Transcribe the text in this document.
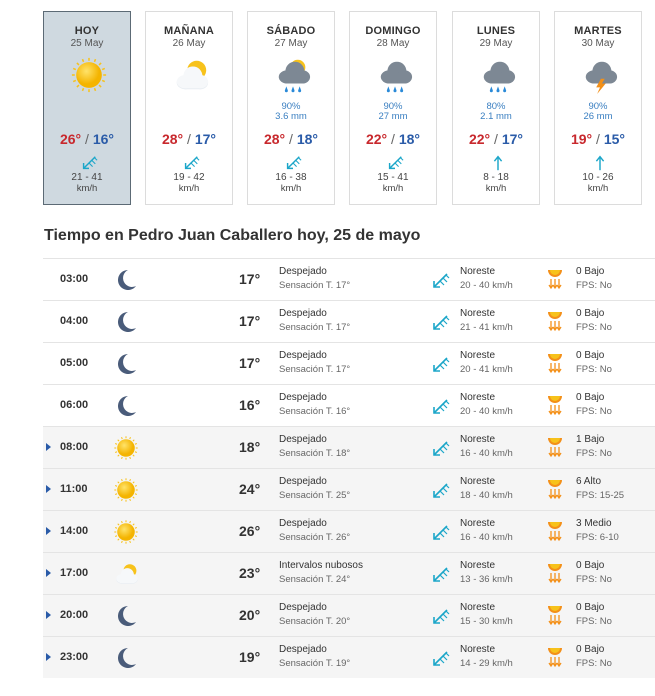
HOY
25 May
26° / 16°
21 - 41
km/h
MAÑANA
26 May
28° / 17°
19 - 42
km/h
SÁBADO
27 May
90%
3.6 mm
28° / 18°
16 - 38
km/h
DOMINGO
28 May
90%
27 mm
22° / 18°
15 - 41
km/h
LUNES
29 May
80%
2.1 mm
22° / 17°
8 - 18
km/h
MARTES
30 May
90%
26 mm
19° / 15°
10 - 26
km/h
Tiempo en Pedro Juan Caballero hoy, 25 de mayo
03:00	17° Despejado
Sensación T. 17°
Noreste
20 - 40 km/h
0 Bajo
FPS: No
04:00	17° Despejado
Sensación T. 17°
Noreste
21 - 41 km/h
0 Bajo
FPS: No
05:00	17° Despejado
Sensación T. 17°
Noreste
20 - 41 km/h
0 Bajo
FPS: No
06:00	16° Despejado
Sensación T. 16°
Noreste
20 - 40 km/h
0 Bajo
FPS: No
08:00	18° Despejado
Sensación T. 18°
Noreste
16 - 40 km/h
1 Bajo
FPS: No
11:00	24° Despejado
Sensación T. 25°
Noreste
18 - 40 km/h
6 Alto
FPS: 15-25
14:00	26° Despejado
Sensación T. 26°
Noreste
16 - 40 km/h
3 Medio
FPS: 6-10
17:00	23° Intervalos nubosos
Sensación T. 24°
Noreste
13 - 36 km/h
0 Bajo
FPS: No
20:00	20° Despejado
Sensación T. 20°
Noreste
15 - 30 km/h
0 Bajo
FPS: No
23:00	19° Despejado
Sensación T. 19°
Noreste
14 - 29 km/h
0 Bajo
FPS: No
